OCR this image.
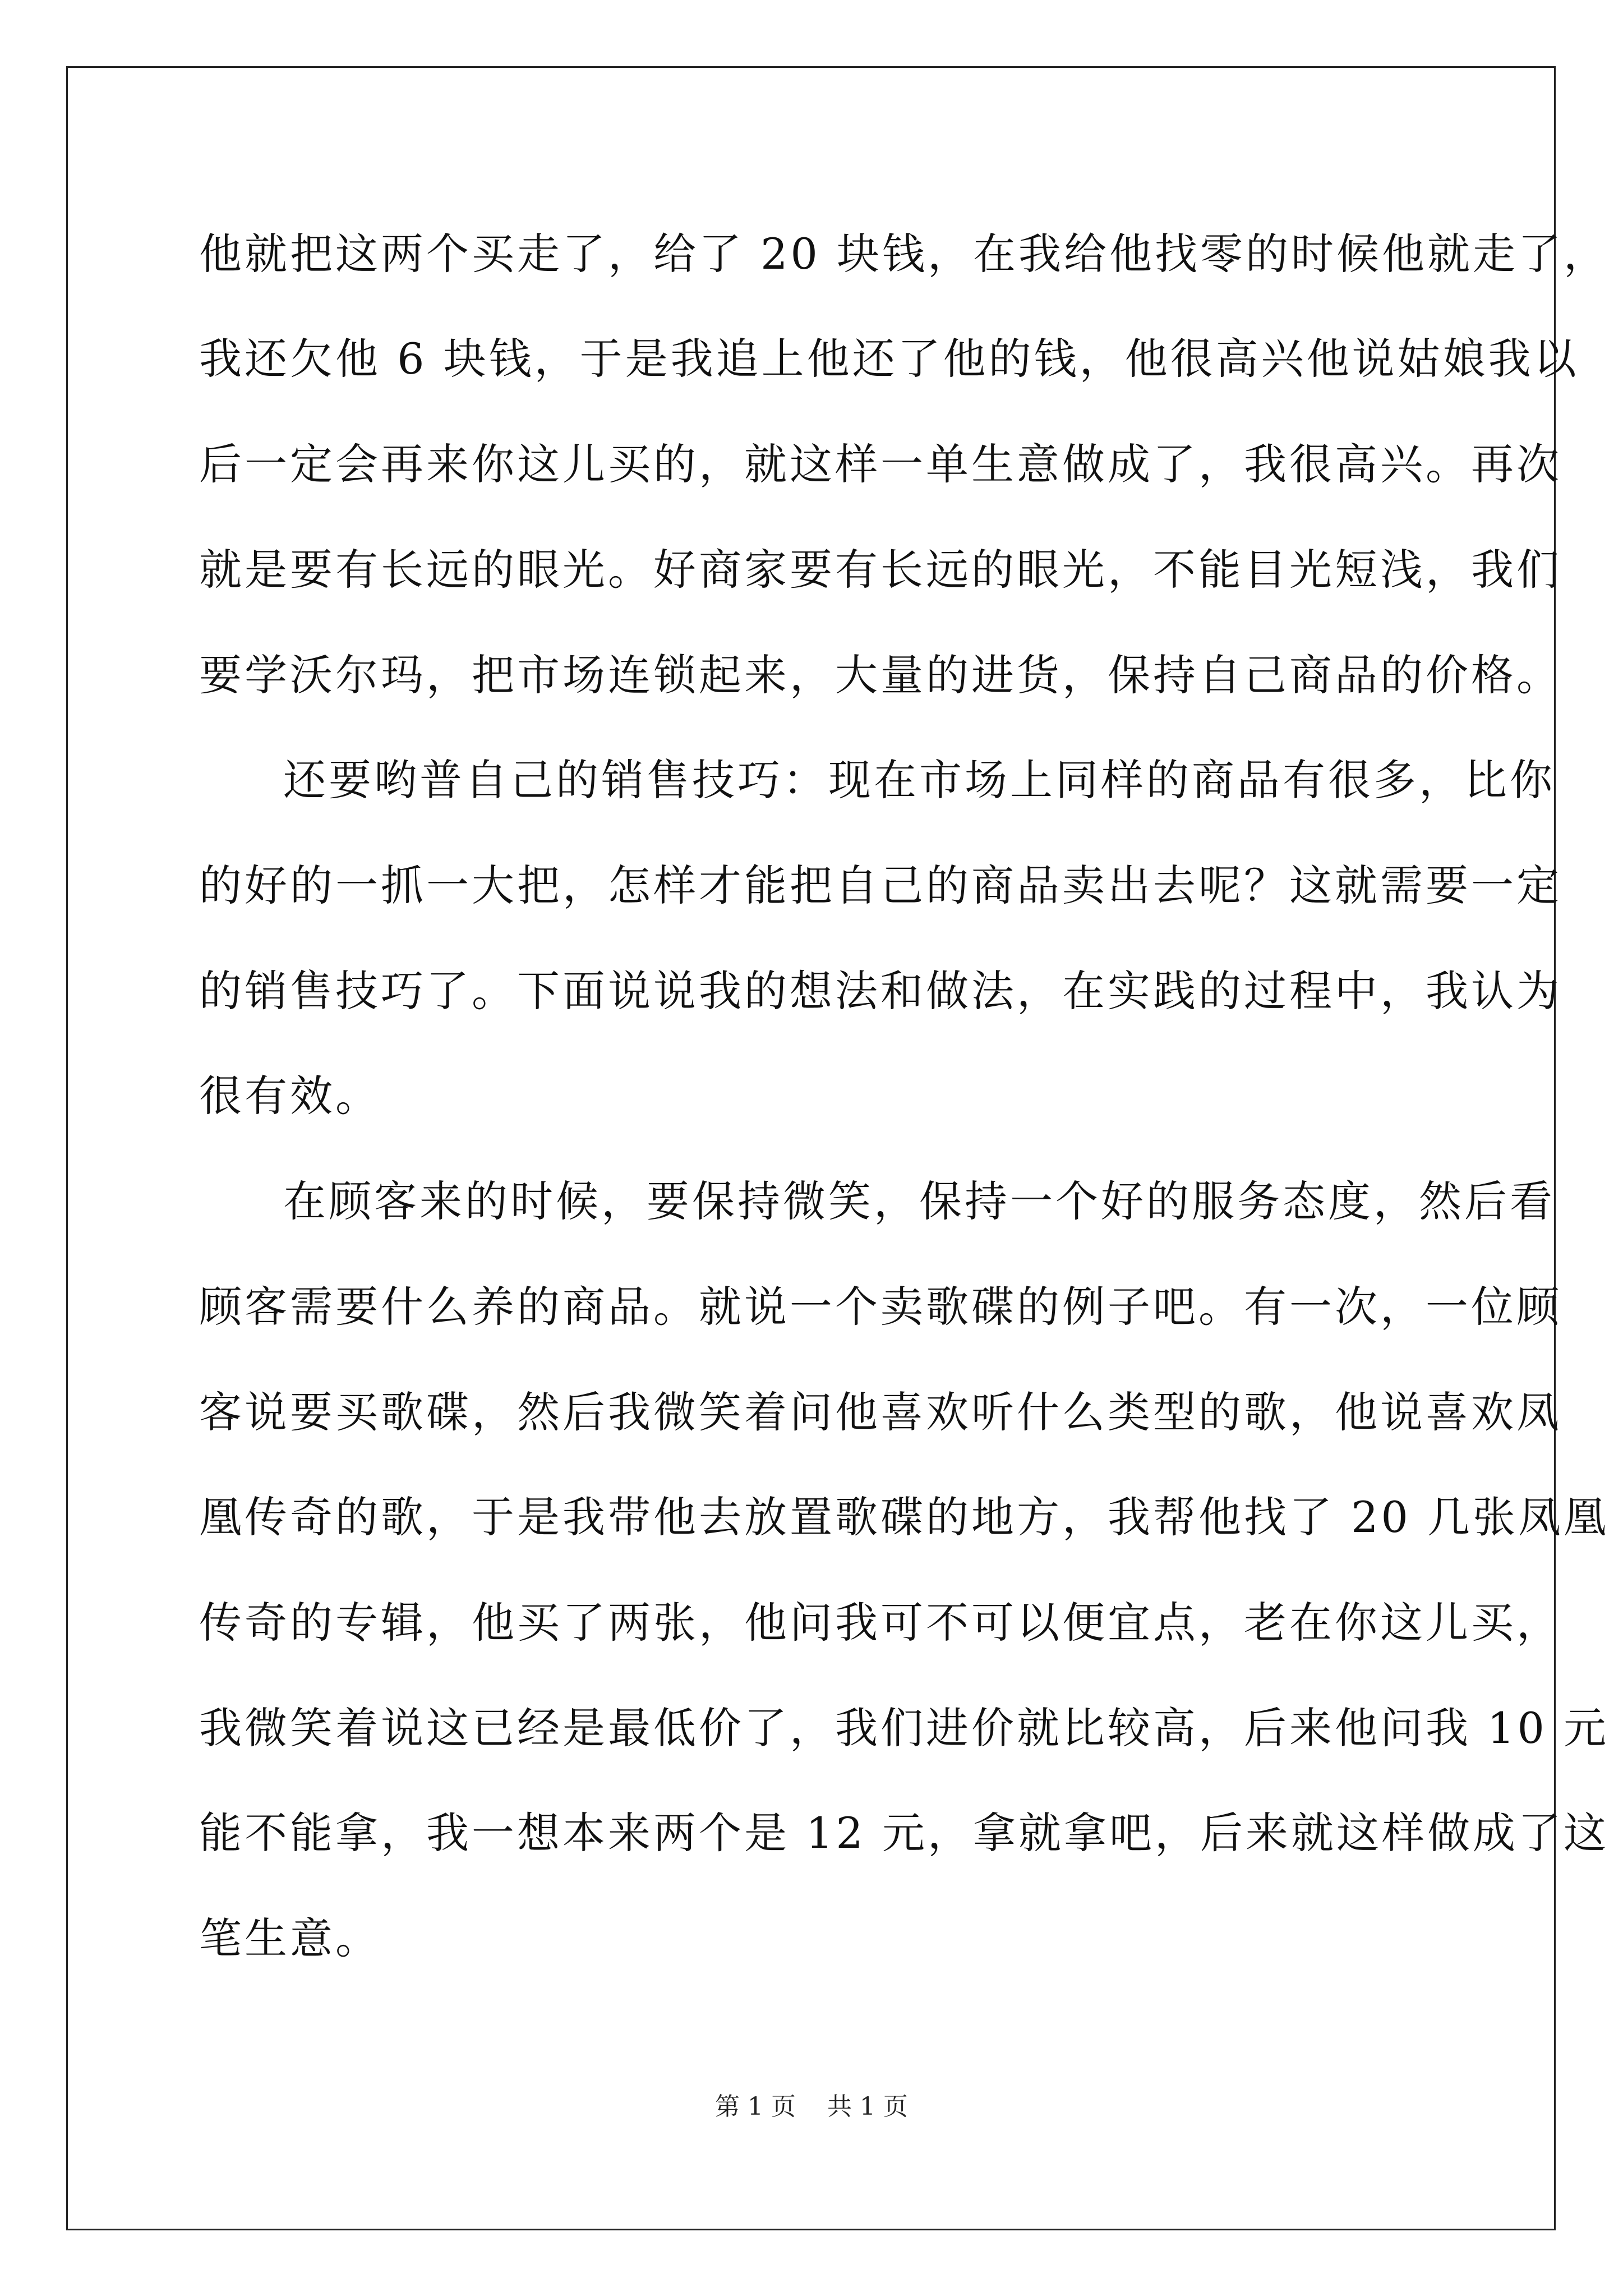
他就把这两个买走了，给了 20 块钱，在我给他找零的时候他就走了，
我还欠他 6 块钱，于是我追上他还了他的钱，他很高兴他说姑娘我以
后一定会再来你这儿买的，就这样一单生意做成了，我很高兴。再次
就是要有长远的眼光。好商家要有长远的眼光，不能目光短浅，我们
要学沃尔玛，把市场连锁起来，大量的进货，保持自己商品的价格。
还要哟普自己的销售技巧：现在市场上同样的商品有很多，比你
的好的一抓一大把，怎样才能把自己的商品卖出去呢？这就需要一定
的销售技巧了。下面说说我的想法和做法，在实践的过程中，我认为
很有效。
在顾客来的时候，要保持微笑，保持一个好的服务态度，然后看
顾客需要什么养的商品。就说一个卖歌碟的例子吧。有一次，一位顾
客说要买歌碟，然后我微笑着问他喜欢听什么类型的歌，他说喜欢凤
凰传奇的歌，于是我带他去放置歌碟的地方，我帮他找了 20 几张凤凰
传奇的专辑，他买了两张，他问我可不可以便宜点，老在你这儿买，
我微笑着说这已经是最低价了，我们进价就比较高，后来他问我 10 元
能不能拿，我一想本来两个是 12 元，拿就拿吧，后来就这样做成了这
笔生意。
第 1 页    共 1 页
